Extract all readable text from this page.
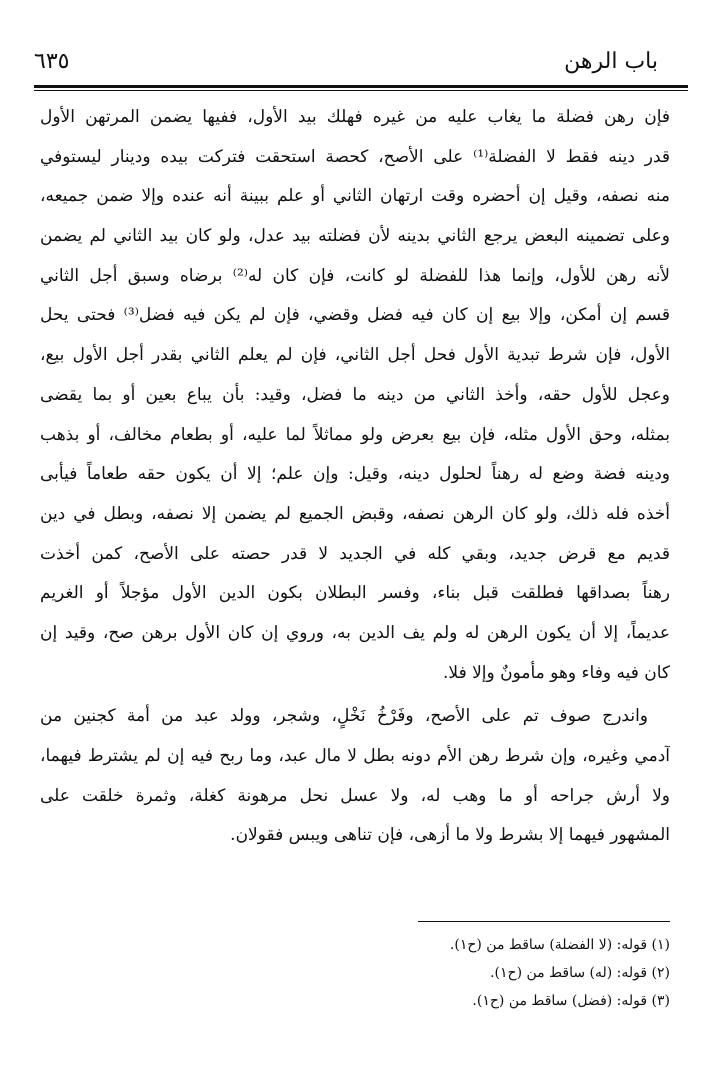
باب الرهن
٦٣٥
فإن رهن فضلة ما يغاب عليه من غيره فهلك بيد الأول، ففيها يضمن المرتهن الأول
قدر دينه فقط لا الفضلة⁽¹⁾ على الأصح، كحصة استحقت فتركت بيده ودينار ليستوفي
منه نصفه، وقيل إن أحضره وقت ارتهان الثاني أو علم ببينة أنه عنده وإلا ضمن جميعه،
وعلى تضمينه البعض يرجع الثاني بدينه لأن فضلته بيد عدل، ولو كان بيد الثاني لم يضمن
لأنه رهن للأول، وإنما هذا للفضلة لو كانت، فإن كان له⁽²⁾ برضاه وسبق أجل الثاني
قسم إن أمكن، وإلا بيع إن كان فيه فضل وقضي، فإن لم يكن فيه فضل⁽³⁾ فحتى يحل
الأول، فإن شرط تبدية الأول فحل أجل الثاني، فإن لم يعلم الثاني بقدر أجل الأول بيع،
وعجل للأول حقه، وأخذ الثاني من دينه ما فضل، وقيد: بأن يباع بعين أو بما يقضى
بمثله، وحق الأول مثله، فإن بيع بعرض ولو مماثلاً لما عليه، أو بطعام مخالف، أو بذهب
ودينه فضة وضع له رهناً لحلول دينه، وقيل: وإن علم؛ إلا أن يكون حقه طعاماً فيأبى
أخذه فله ذلك، ولو كان الرهن نصفه، وقبض الجميع لم يضمن إلا نصفه، وبطل في دين
قديم مع قرض جديد، وبقي كله في الجديد لا قدر حصته على الأصح، كمن أخذت
رهناً بصداقها فطلقت قبل بناء، وفسر البطلان بكون الدين الأول مؤجلاً أو الغريم
عديماً، إلا أن يكون الرهن له ولم يف الدين به، وروي إن كان الأول برهن صح، وقيد إن
كان فيه وفاء وهو مأمونٌ وإلا فلا.
واندرج صوف تم على الأصح، وفَرْخُ نَخْلٍ، وشجر، وولد عبد من أمة كجنين من
آدمي وغيره، وإن شرط رهن الأم دونه بطل لا مال عبد، وما ربح فيه إن لم يشترط فيهما،
ولا أرش جراحه أو ما وهب له، ولا عسل نحل مرهونة كغلة، وثمرة خلقت على
المشهور فيهما إلا بشرط ولا ما أزهى، فإن تناهى ويبس فقولان.
(١) قوله: (لا الفضلة) ساقط من (ح١).
(٢) قوله: (له) ساقط من (ح١).
(٣) قوله: (فضل) ساقط من (ح١).
